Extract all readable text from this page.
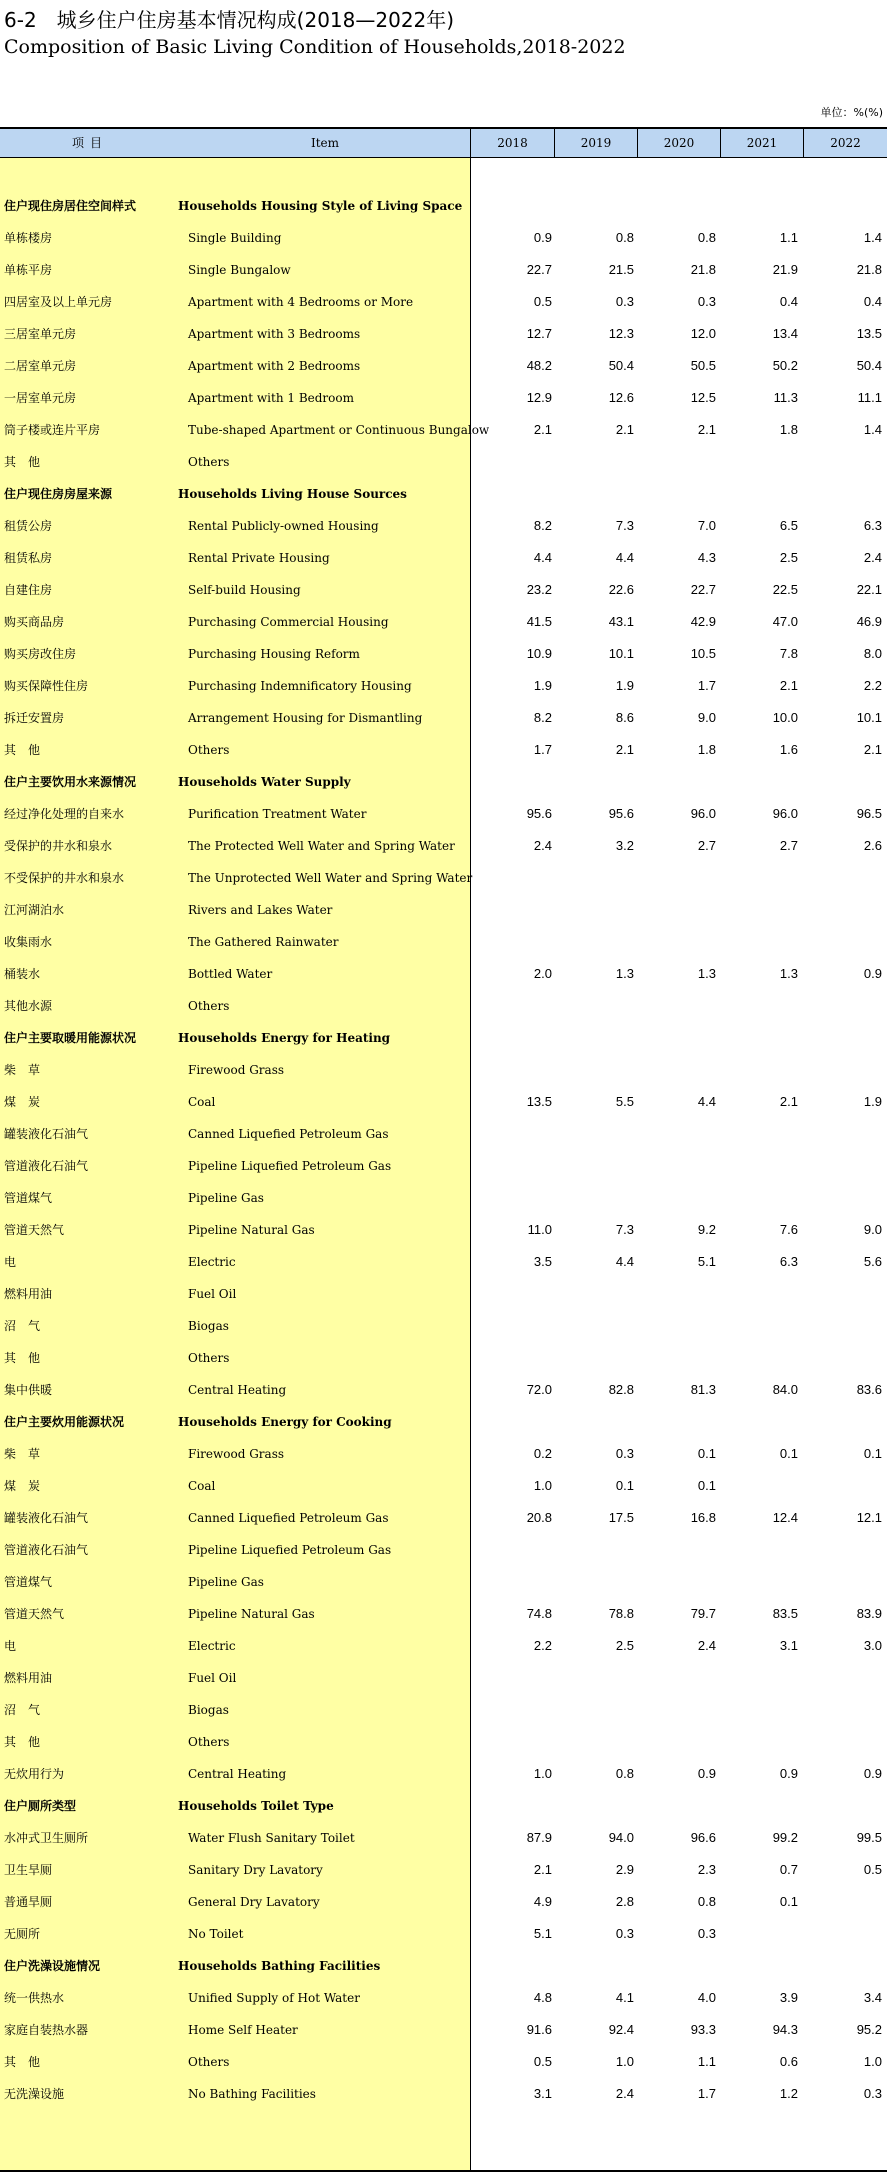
6-2　城乡住户住房基本情况构成(2018—2022年)
Composition of Basic Living Condition of Households,2018-2022
单位：%(%)
项目	Item	2018	2019	2020	2021	2022
住户现住房居住空间样式	Households Housing Style of Living Space
单栋楼房	Single Building	0.9	0.8	0.8	1.1	1.4
单栋平房	Single Bungalow	22.7	21.5	21.8	21.9	21.8
四居室及以上单元房	Apartment with 4 Bedrooms or More	0.5	0.3	0.3	0.4	0.4
三居室单元房	Apartment with 3 Bedrooms	12.7	12.3	12.0	13.4	13.5
二居室单元房	Apartment with 2 Bedrooms	48.2	50.4	50.5	50.2	50.4
一居室单元房	Apartment with 1 Bedroom	12.9	12.6	12.5	11.3	11.1
筒子楼或连片平房	Tube-shaped Apartment or Continuous Bungalow	2.1	2.1	2.1	1.8	1.4
其　他	Others
住户现住房房屋来源	Households Living House Sources
租赁公房	Rental Publicly-owned Housing	8.2	7.3	7.0	6.5	6.3
租赁私房	Rental Private Housing	4.4	4.4	4.3	2.5	2.4
自建住房	Self-build Housing	23.2	22.6	22.7	22.5	22.1
购买商品房	Purchasing Commercial Housing	41.5	43.1	42.9	47.0	46.9
购买房改住房	Purchasing Housing Reform	10.9	10.1	10.5	7.8	8.0
购买保障性住房	Purchasing Indemnificatory Housing	1.9	1.9	1.7	2.1	2.2
拆迁安置房	Arrangement Housing for Dismantling	8.2	8.6	9.0	10.0	10.1
其　他	Others	1.7	2.1	1.8	1.6	2.1
住户主要饮用水来源情况	Households Water Supply
经过净化处理的自来水	Purification Treatment Water	95.6	95.6	96.0	96.0	96.5
受保护的井水和泉水	The Protected Well Water and Spring Water	2.4	3.2	2.7	2.7	2.6
不受保护的井水和泉水	The Unprotected Well Water and Spring Water
江河湖泊水	Rivers and Lakes Water
收集雨水	The Gathered Rainwater
桶装水	Bottled Water	2.0	1.3	1.3	1.3	0.9
其他水源	Others
住户主要取暖用能源状况	Households Energy for Heating
柴　草	Firewood Grass
煤　炭	Coal	13.5	5.5	4.4	2.1	1.9
罐装液化石油气	Canned Liquefied Petroleum Gas
管道液化石油气	Pipeline Liquefied Petroleum Gas
管道煤气	Pipeline Gas
管道天然气	Pipeline Natural Gas	11.0	7.3	9.2	7.6	9.0
电	Electric	3.5	4.4	5.1	6.3	5.6
燃料用油	Fuel Oil
沼　气	Biogas
其　他	Others
集中供暖	Central Heating	72.0	82.8	81.3	84.0	83.6
住户主要炊用能源状况	Households Energy for Cooking
柴　草	Firewood Grass	0.2	0.3	0.1	0.1	0.1
煤　炭	Coal	1.0	0.1	0.1
罐装液化石油气	Canned Liquefied Petroleum Gas	20.8	17.5	16.8	12.4	12.1
管道液化石油气	Pipeline Liquefied Petroleum Gas
管道煤气	Pipeline Gas
管道天然气	Pipeline Natural Gas	74.8	78.8	79.7	83.5	83.9
电	Electric	2.2	2.5	2.4	3.1	3.0
燃料用油	Fuel Oil
沼　气	Biogas
其　他	Others
无炊用行为	Central Heating	1.0	0.8	0.9	0.9	0.9
住户厕所类型	Households Toilet Type
水冲式卫生厕所	Water Flush Sanitary Toilet	87.9	94.0	96.6	99.2	99.5
卫生旱厕	Sanitary Dry Lavatory	2.1	2.9	2.3	0.7	0.5
普通旱厕	General Dry Lavatory	4.9	2.8	0.8	0.1
无厕所	No Toilet	5.1	0.3	0.3
住户洗澡设施情况	Households Bathing Facilities
统一供热水	Unified Supply of Hot Water	4.8	4.1	4.0	3.9	3.4
家庭自装热水器	Home Self Heater	91.6	92.4	93.3	94.3	95.2
其　他	Others	0.5	1.0	1.1	0.6	1.0
无洗澡设施	No Bathing Facilities	3.1	2.4	1.7	1.2	0.3
